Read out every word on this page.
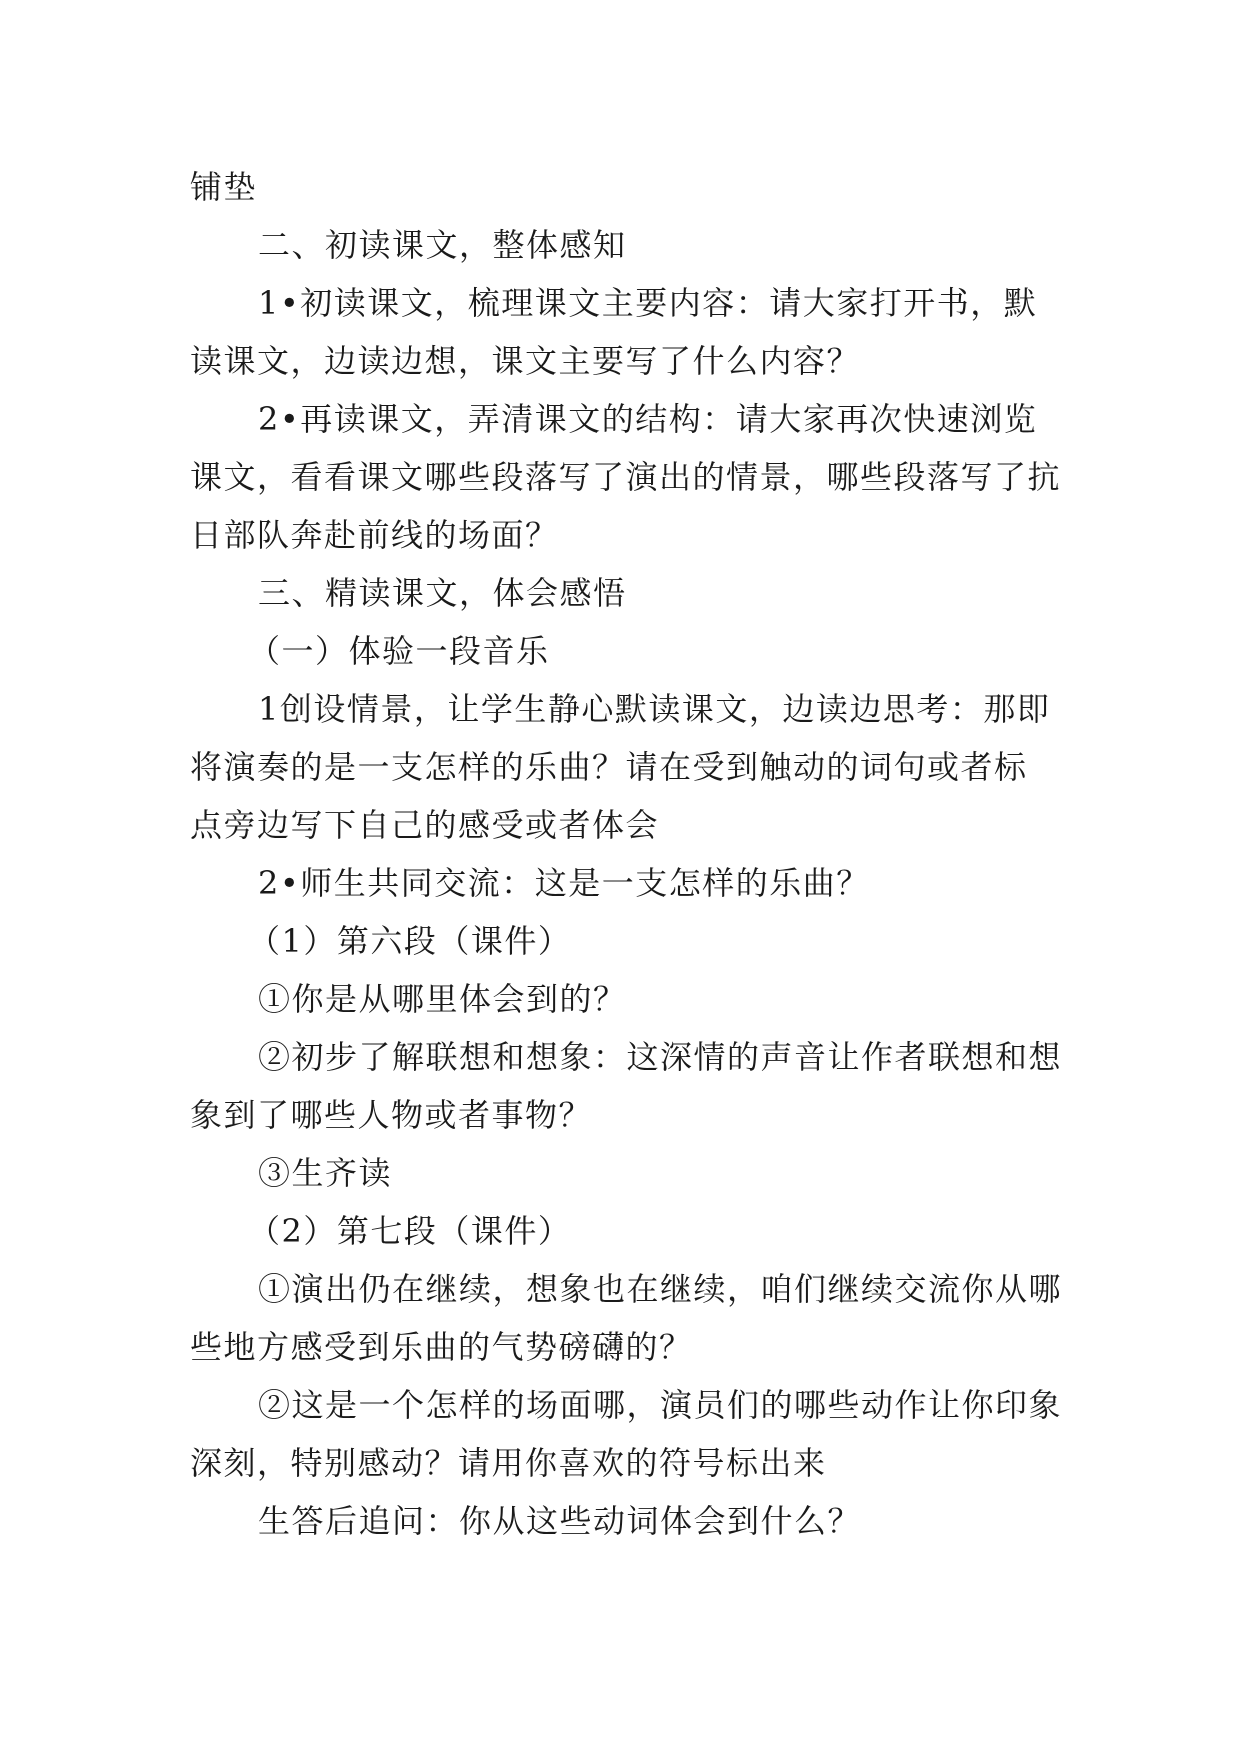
铺垫
二、初读课文，整体感知
1•初读课文，梳理课文主要内容：请大家打开书，默
读课文，边读边想，课文主要写了什么内容？
2•再读课文，弄清课文的结构：请大家再次快速浏览
课文，看看课文哪些段落写了演出的情景，哪些段落写了抗
日部队奔赴前线的场面？
三、精读课文，体会感悟
（一）体验一段音乐
1创设情景，让学生静心默读课文，边读边思考：那即
将演奏的是一支怎样的乐曲？请在受到触动的词句或者标
点旁边写下自己的感受或者体会
2•师生共同交流：这是一支怎样的乐曲？
（1）第六段（课件）
①你是从哪里体会到的？
②初步了解联想和想象：这深情的声音让作者联想和想
象到了哪些人物或者事物？
③生齐读
（2）第七段（课件）
①演出仍在继续，想象也在继续，咱们继续交流你从哪
些地方感受到乐曲的气势磅礴的？
②这是一个怎样的场面哪，演员们的哪些动作让你印象
深刻，特别感动？请用你喜欢的符号标出来
生答后追问：你从这些动词体会到什么？
